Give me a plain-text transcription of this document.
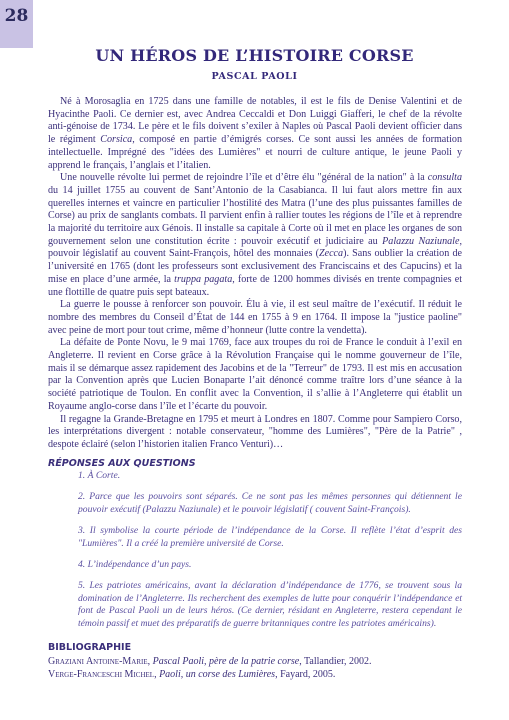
28
UN HÉROS DE L’HISTOIRE CORSE
PASCAL PAOLI

Né à Morosaglia en 1725 dans une famille de notables, il est le fils de Denise Valentini et de Hyacinthe Paoli. Ce dernier est, avec Andrea Ceccaldi et Don Luiggi Giafferi, le chef de la révolte anti-génoise de 1734. Le père et le fils doivent s’exiler à Naples où Pascal Paoli devient officier dans le régiment Corsica, composé en partie d’émigrés corses. Ce sont aussi les années de formation intellectuelle. Imprégné des "idées des Lumières" et nourri de culture antique, le jeune Paoli y apprend le français, l’anglais et l’italien.

Une nouvelle révolte lui permet de rejoindre l’île et d’être élu "général de la nation" à la consulta du 14 juillet 1755 au couvent de Sant’Antonio de la Casabianca. Il lui faut alors mettre fin aux querelles internes et vaincre en particulier l’hostilité des Matra (l’une des plus puissantes familles de Corse) au prix de sanglants combats. Il parvient enfin à rallier toutes les régions de l’île et à reprendre la majorité du territoire aux Génois. Il installe sa capitale à Corte où il met en place les organes de son gouvernement selon une constitution écrite : pouvoir exécutif et judiciaire au Palazzu Naziunale, pouvoir législatif au couvent Saint-François, hôtel des monnaies (Zecca). Sans oublier la création de l’université en 1765 (dont les professeurs sont exclusivement des Franciscains et des Capucins) et la mise en place d’une armée, la truppa pagata, forte de 1200 hommes divisés en trente compagnies et une flottille de quatre puis sept bateaux.

La guerre le pousse à renforcer son pouvoir. Élu à vie, il est seul maître de l’exécutif. Il réduit le nombre des membres du Conseil d’État de 144 en 1755 à 9 en 1764. Il impose la "justice paoline" avec peine de mort pour tout crime, même d’honneur (lutte contre la vendetta).

La défaite de Ponte Novu, le 9 mai 1769, face aux troupes du roi de France le conduit à l’exil en Angleterre. Il revient en Corse grâce à la Révolution Française qui le nomme gouverneur de l’île, mais il se démarque assez rapidement des Jacobins et de la "Terreur" de 1793. Il est mis en accusation par la Convention après que Lucien Bonaparte l’ait dénoncé comme traître lors d’une séance à la société patriotique de Toulon. En conflit avec la Convention, il s’allie à l’Angleterre qui établit un Royaume anglo-corse dans l’île et l’écarte du pouvoir.

Il regagne la Grande-Bretagne en 1795 et meurt à Londres en 1807. Comme pour Sampiero Corso, les interprétations divergent : notable conservateur, "homme des Lumières", "Père de la Patrie" , despote éclairé (selon l’historien italien Franco Venturi)…

RÉPONSES AUX QUESTIONS

1. À Corte.

2. Parce que les pouvoirs sont séparés. Ce ne sont pas les mêmes personnes qui détiennent le pouvoir exécutif (Palazzu Naziunale) et le pouvoir législatif ( couvent Saint-François).

3. Il symbolise la courte période de l’indépendance de la Corse. Il reflète l’état d’esprit des "Lumières". Il a créé la première université de Corse.

4. L’indépendance d’un pays.

5. Les patriotes américains, avant la déclaration d’indépendance de 1776, se trouvent sous la domination de l’Angleterre. Ils recherchent des exemples de lutte pour conquérir l’indépendance et font de Pascal Paoli un de leurs héros. (Ce dernier, résidant en Angleterre, restera cependant le témoin passif et muet des préparatifs de guerre britanniques contre les patriotes américains).

BIBLIOGRAPHIE
Graziani Antoine-Marie, Pascal Paoli, père de la patrie corse, Tallandier, 2002.
Verge-Franceschi Michel, Paoli, un corse des Lumières, Fayard, 2005.
